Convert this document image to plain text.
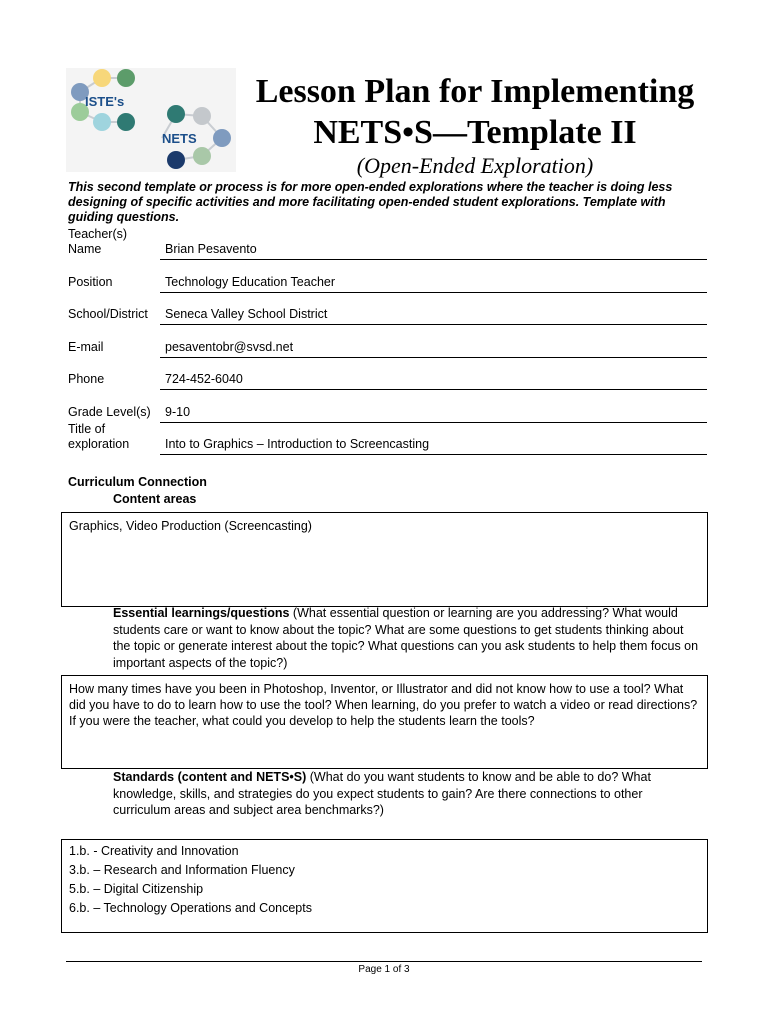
ISTE's
NETS
Lesson Plan for Implementing
NETS•S—Template II
(Open-Ended Exploration)
This second template or process is for more open-ended explorations where the teacher is doing less designing of specific activities and more facilitating open-ended student explorations. Template with guiding questions.
Teacher(s)
Name	Brian Pesavento
Position	Technology Education Teacher
School/District	Seneca Valley School District
E-mail	pesaventobr@svsd.net
Phone	724-452-6040
Grade Level(s)	9-10
Title of
exploration	Into to Graphics – Introduction to Screencasting
Curriculum Connection
Content areas
Graphics, Video Production (Screencasting)
Essential learnings/questions (What essential question or learning are you addressing? What would students care or want to know about the topic? What are some questions to get students thinking about the topic or generate interest about the topic? What questions can you ask students to help them focus on important aspects of the topic?)
How many times have you been in Photoshop, Inventor, or Illustrator and did not know how to use a tool? What did you have to do to learn how to use the tool? When learning, do you prefer to watch a video or read directions? If you were the teacher, what could you develop to help the students learn the tools?
Standards (content and NETS•S) (What do you want students to know and be able to do? What knowledge, skills, and strategies do you expect students to gain? Are there connections to other curriculum areas and subject area benchmarks?)
1.b. - Creativity and Innovation
3.b. – Research and Information Fluency
5.b. – Digital Citizenship
6.b. – Technology Operations and Concepts
Page 1 of 3
